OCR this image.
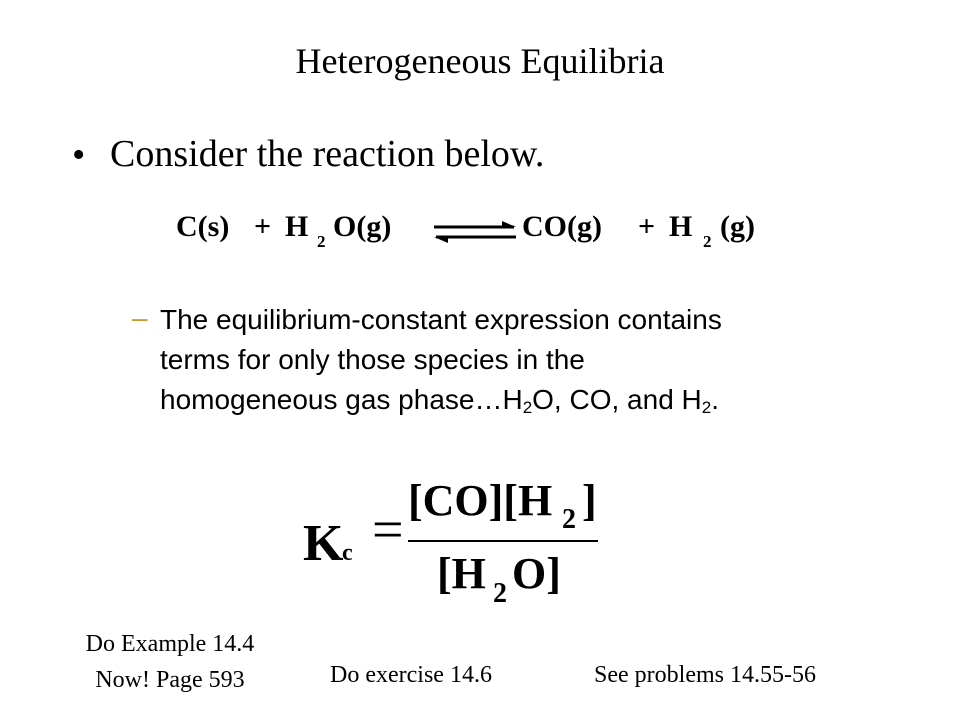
Heterogeneous Equilibria
• Consider the reaction below.
C(s) + H 2 O(g)	CO(g) + H 2 (g)
– The equilibrium-constant expression contains
terms for only those species in the
homogeneous gas $phase\dots H_2O$, CO, and $H_2$.
K
c = [CO][H 2 ]
[H 2 O]
Do Example 14.4
Now! Page 593	Do exercise 14.6	See problems 14.55-56
